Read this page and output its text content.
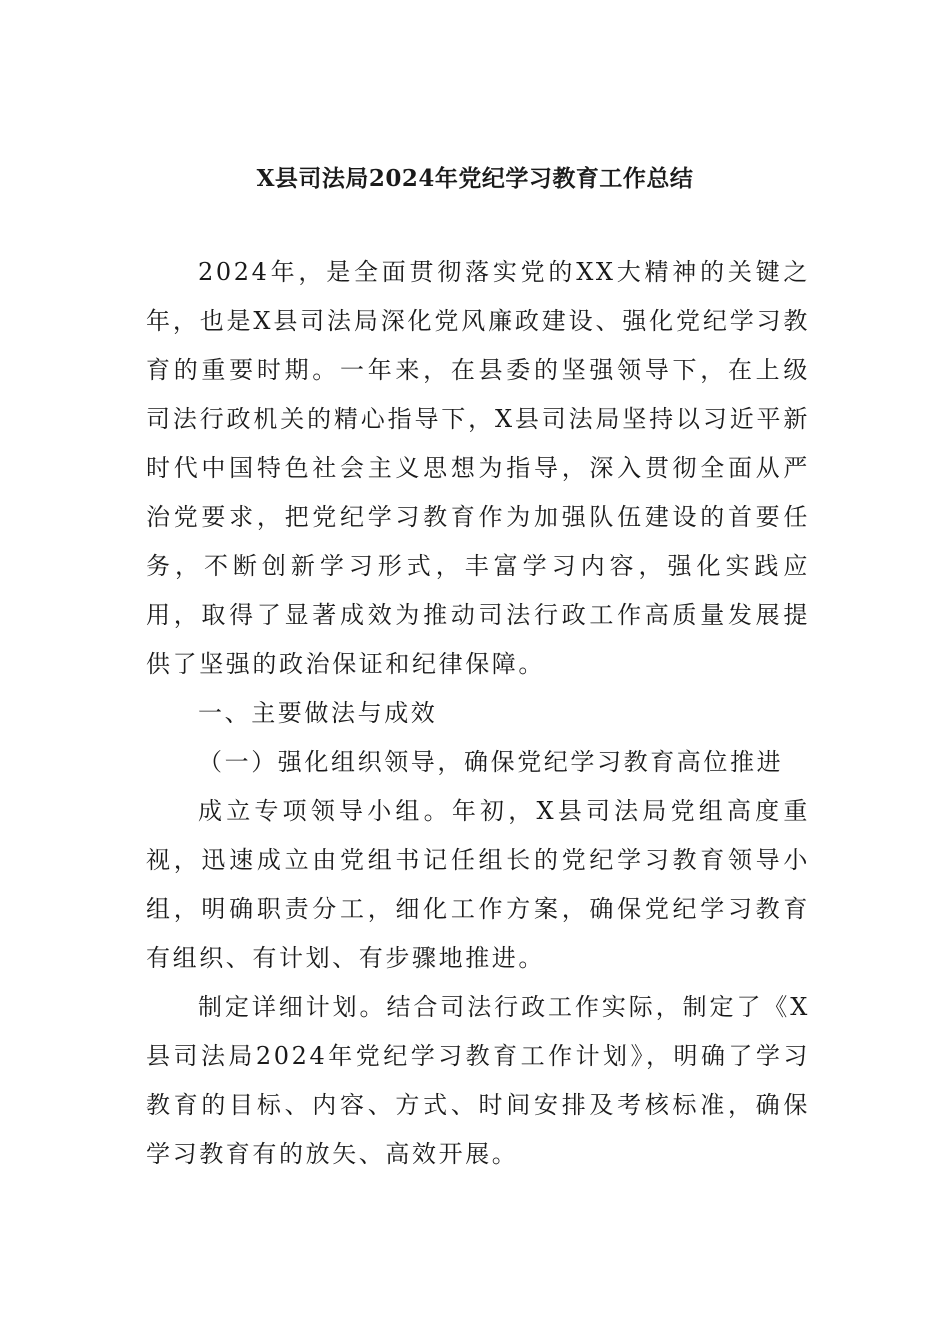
X县司法局2024年党纪学习教育工作总结

2024年，是全面贯彻落实党的XX大精神的关键之年，也是X县司法局深化党风廉政建设、强化党纪学习教育的重要时期。一年来，在县委的坚强领导下，在上级司法行政机关的精心指导下，X县司法局坚持以习近平新时代中国特色社会主义思想为指导，深入贯彻全面从严治党要求，把党纪学习教育作为加强队伍建设的首要任务，不断创新学习形式，丰富学习内容，强化实践应用，取得了显著成效为推动司法行政工作高质量发展提供了坚强的政治保证和纪律保障。

一、主要做法与成效

（一）强化组织领导，确保党纪学习教育高位推进

成立专项领导小组。年初，X县司法局党组高度重视，迅速成立由党组书记任组长的党纪学习教育领导小组，明确职责分工，细化工作方案，确保党纪学习教育有组织、有计划、有步骤地推进。

制定详细计划。结合司法行政工作实际，制定了《X县司法局2024年党纪学习教育工作计划》，明确了学习教育的目标、内容、方式、时间安排及考核标准，确保学习教育有的放矢、高效开展。
